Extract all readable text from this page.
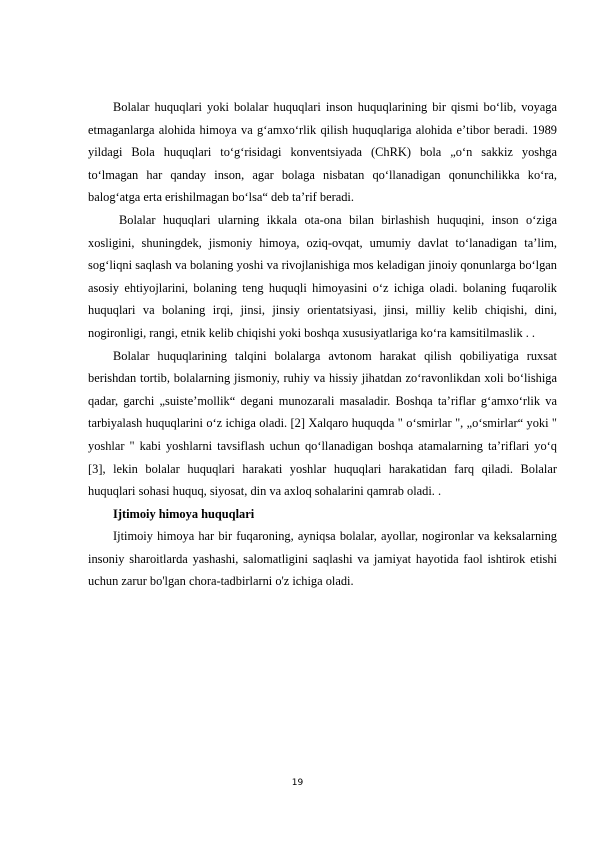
Bolalar huquqlari yoki bolalar huquqlari inson huquqlarining bir qismi boʻlib, voyaga etmaganlarga alohida himoya va gʻamxoʻrlik qilish huquqlariga alohida eʼtibor beradi. 1989 yildagi Bola huquqlari toʻgʻrisidagi konventsiyada (ChRK) bola „oʻn sakkiz yoshga toʻlmagan har qanday inson, agar bolaga nisbatan qoʻllanadigan qonunchilikka koʻra, balogʻatga erta erishilmagan boʻlsa“ deb taʼrif beradi.

Bolalar huquqlari ularning ikkala ota-ona bilan birlashish huquqini, inson oʻziga xosligini, shuningdek, jismoniy himoya, oziq-ovqat, umumiy davlat toʻlanadigan taʼlim, sogʻliqni saqlash va bolaning yoshi va rivojlanishiga mos keladigan jinoiy qonunlarga boʻlgan asosiy ehtiyojlarini, bolaning teng huquqli himoyasini oʻz ichiga oladi. bolaning fuqarolik huquqlari va bolaning irqi, jinsi, jinsiy orientatsiyasi, jinsi, milliy kelib chiqishi, dini, nogironligi, rangi, etnik kelib chiqishi yoki boshqa xususiyatlariga koʻra kamsitilmaslik . .

Bolalar huquqlarining talqini bolalarga avtonom harakat qilish qobiliyatiga ruxsat berishdan tortib, bolalarning jismoniy, ruhiy va hissiy jihatdan zoʻravonlikdan xoli boʻlishiga qadar, garchi „suisteʼmollik“ degani munozarali masaladir. Boshqa taʼriflar gʻamxoʻrlik va tarbiyalash huquqlarini oʻz ichiga oladi. [2] Xalqaro huquqda " oʻsmirlar ", „oʻsmirlar“ yoki " yoshlar " kabi yoshlarni tavsiflash uchun qoʻllanadigan boshqa atamalarning taʼriflari yoʻq [3], lekin bolalar huquqlari harakati yoshlar huquqlari harakatidan farq qiladi. Bolalar huquqlari sohasi huquq, siyosat, din va axloq sohalarini qamrab oladi. .

Ijtimoiy himoya huquqlari

Ijtimoiy himoya har bir fuqaroning, ayniqsa bolalar, ayollar, nogironlar va keksalarning insoniy sharoitlarda yashashi, salomatligini saqlashi va jamiyat hayotida faol ishtirok etishi uchun zarur bo'lgan chora-tadbirlarni o'z ichiga oladi.

19
